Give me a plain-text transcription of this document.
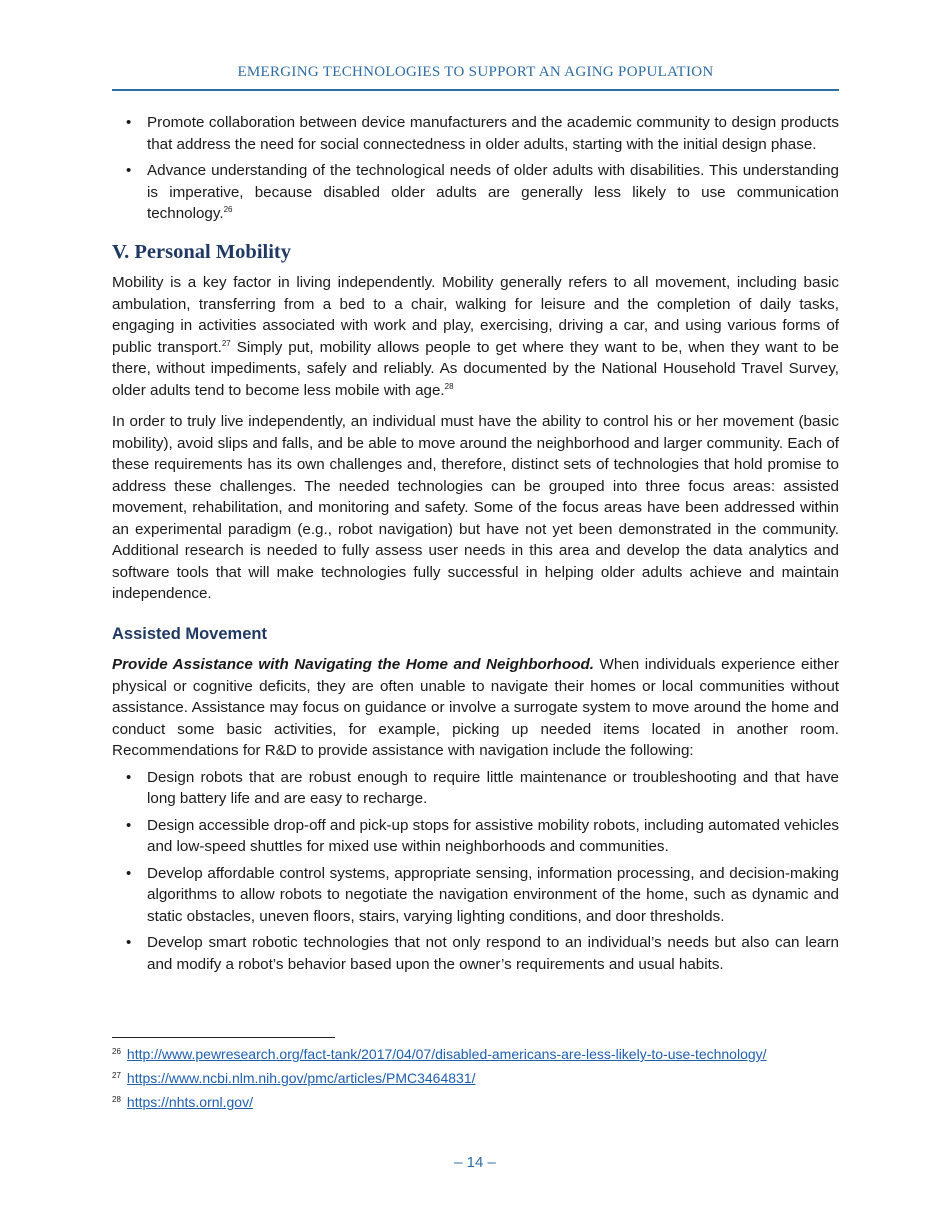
EMERGING TECHNOLOGIES TO SUPPORT AN AGING POPULATION
• Promote collaboration between device manufacturers and the academic community to design products that address the need for social connectedness in older adults, starting with the initial design phase.
• Advance understanding of the technological needs of older adults with disabilities. This understanding is imperative, because disabled older adults are generally less likely to use communication technology.$^{26}$
V. Personal Mobility

Mobility is a key factor in living independently. Mobility generally refers to all movement, including basic ambulation, transferring from a bed to a chair, walking for leisure and the completion of daily tasks, engaging in activities associated with work and play, exercising, driving a car, and using various forms of public transport.$^{27}$ Simply put, mobility allows people to get where they want to be, when they want to be there, without impediments, safely and reliably. As documented by the National Household Travel Survey, older adults tend to become less mobile with age.$^{28}$

In order to truly live independently, an individual must have the ability to control his or her movement (basic mobility), avoid slips and falls, and be able to move around the neighborhood and larger community. Each of these requirements has its own challenges and, therefore, distinct sets of technologies that hold promise to address these challenges. The needed technologies can be grouped into three focus areas: assisted movement, rehabilitation, and monitoring and safety. Some of the focus areas have been addressed within an experimental paradigm (e.g., robot navigation) but have not yet been demonstrated in the community. Additional research is needed to fully assess user needs in this area and develop the data analytics and software tools that will make technologies fully successful in helping older adults achieve and maintain independence.

Assisted Movement

Provide Assistance with Navigating the Home and Neighborhood. When individuals experience either physical or cognitive deficits, they are often unable to navigate their homes or local communities without assistance. Assistance may focus on guidance or involve a surrogate system to move around the home and conduct some basic activities, for example, picking up needed items located in another room. Recommendations for R&D to provide assistance with navigation include the following:

• Design robots that are robust enough to require little maintenance or troubleshooting and that have long battery life and are easy to recharge.
• Design accessible drop-off and pick-up stops for assistive mobility robots, including automated vehicles and low-speed shuttles for mixed use within neighborhoods and communities.
• Develop affordable control systems, appropriate sensing, information processing, and decision-making algorithms to allow robots to negotiate the navigation environment of the home, such as dynamic and static obstacles, uneven floors, stairs, varying lighting conditions, and door thresholds.
• Develop smart robotic technologies that not only respond to an individual’s needs but also can learn and modify a robot’s behavior based upon the owner’s requirements and usual habits.
$^{26}$ http://www.pewresearch.org/fact-tank/2017/04/07/disabled-americans-are-less-likely-to-use-technology/
$^{27}$ https://www.ncbi.nlm.nih.gov/pmc/articles/PMC3464831/
$^{28}$ https://nhts.ornl.gov/
– 14 –
